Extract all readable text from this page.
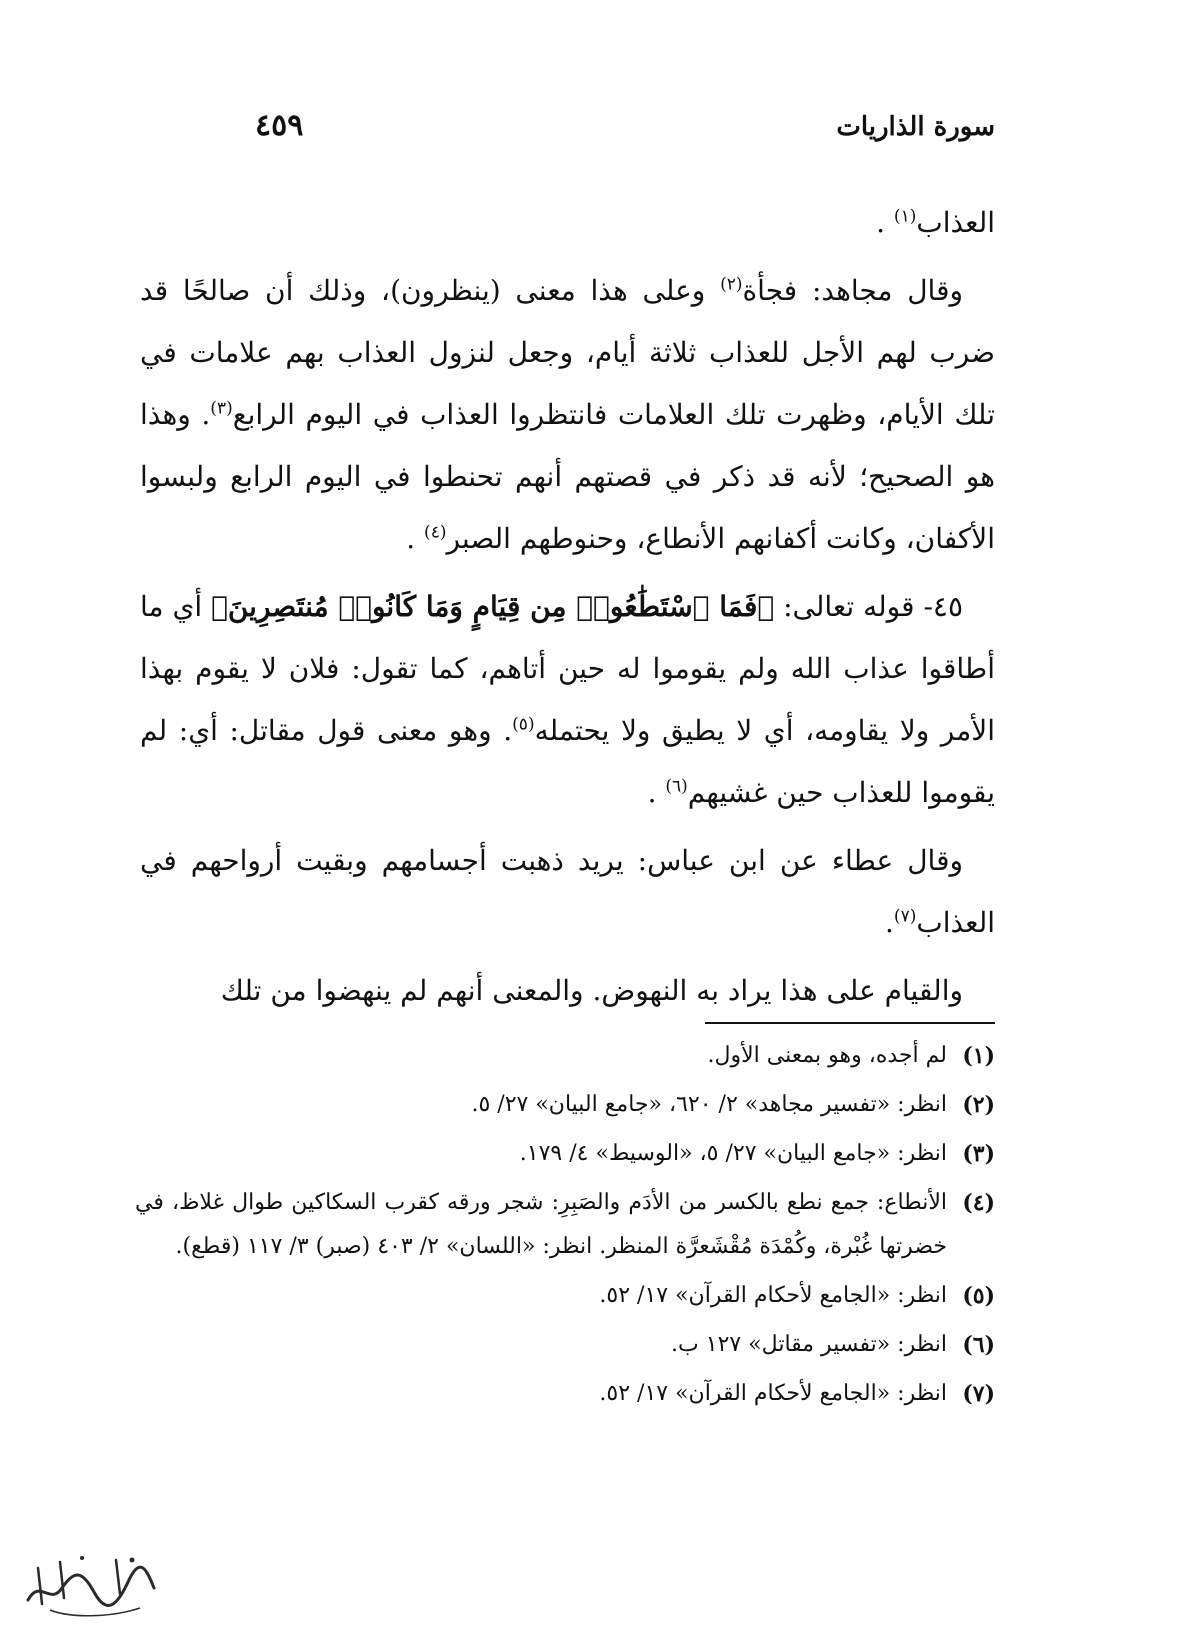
سورة الذاريات
٤٥٩

العذاب$^{(١)}$ .

وقال مجاهد: فجأة$^{(٢)}$ وعلى هذا معنى (ينظرون)، وذلك أن صالحًا قد ضرب لهم الأجل للعذاب ثلاثة أيام، وجعل لنزول العذاب بهم علامات في تلك الأيام، وظهرت تلك العلامات فانتظروا العذاب في اليوم الرابع$^{(٣)}$. وهذا هو الصحيح؛ لأنه قد ذكر في قصتهم أنهم تحنطوا في اليوم الرابع ولبسوا الأكفان، وكانت أكفانهم الأنطاع، وحنوطهم الصبر$^{(٤)}$ .

٤٥- قوله تعالى: ﴿فَمَا ٱسْتَطَٰعُوا۟ مِن قِيَامٍ وَمَا كَانُوا۟ مُنتَصِرِينَ﴾ أي ما أطاقوا عذاب الله ولم يقوموا له حين أتاهم، كما تقول: فلان لا يقوم بهذا الأمر ولا يقاومه، أي لا يطيق ولا يحتمله$^{(٥)}$. وهو معنى قول مقاتل: أي: لم يقوموا للعذاب حين غشيهم$^{(٦)}$ .

وقال عطاء عن ابن عباس: يريد ذهبت أجسامهم وبقيت أرواحهم في العذاب$^{(٧)}$.

والقيام على هذا يراد به النهوض. والمعنى أنهم لم ينهضوا من تلك

(١)
لم أجده، وهو بمعنى الأول.
(٢)
انظر: «تفسير مجاهد» ٢/ ٦٢٠، «جامع البيان» ٢٧/ ٥.
(٣)
انظر: «جامع البيان» ٢٧/ ٥، «الوسيط» ٤/ ١٧٩.
(٤)
الأنطاع: جمع نطع بالكسر من الأدَم والصَبِرِ: شجر ورقه كقرب السكاكين طوال غلاظ، في خضرتها غُبْرة، وكُمْدَة مُقْشَعرَّة المنظر. انظر: «اللسان» ٢/ ٤٠٣ (صبر) ٣/ ١١٧ (قطع).
(٥)
انظر: «الجامع لأحكام القرآن» ١٧/ ٥٢.
(٦)
انظر: «تفسير مقاتل» ١٢٧ ب.
(٧)
انظر: «الجامع لأحكام القرآن» ١٧/ ٥٢.
